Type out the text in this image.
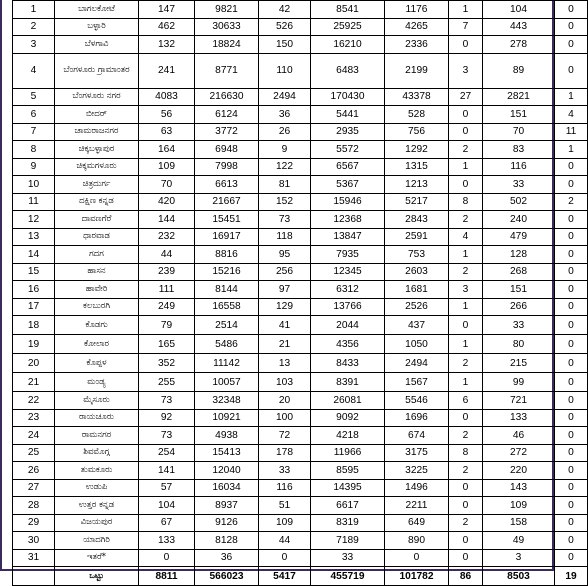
1	ಬಾಗಲಕೋಟೆ	147	9821	42	8541	1176	1	104	0
2	ಬಳ್ಳಾರಿ	462	30633	526	25925	4265	7	443	0
3	ಬೆಳಗಾವಿ	132	18824	150	16210	2336	0	278	0
4	ಬೆಂಗಳೂರು ಗ್ರಾಮಾಂತರ	241	8771	110	6483	2199	3	89	0
5	ಬೆಂಗಳೂರು ನಗರ	4083	216630	2494	170430	43378	27	2821	1
6	ಬೀದರ್	56	6124	36	5441	528	0	151	4
7	ಚಾಮರಾಜನಗರ	63	3772	26	2935	756	0	70	11
8	ಚಿಕ್ಕಬಳ್ಳಾಪುರ	164	6948	9	5572	1292	2	83	1
9	ಚಿಕ್ಕಮಗಳೂರು	109	7998	122	6567	1315	1	116	0
10	ಚಿತ್ರದುರ್ಗ	70	6613	81	5367	1213	0	33	0
11	ದಕ್ಷಿಣ ಕನ್ನಡ	420	21667	152	15946	5217	8	502	2
12	ದಾವಣಗೆರೆ	144	15451	73	12368	2843	2	240	0
13	ಧಾರವಾಡ	232	16917	118	13847	2591	4	479	0
14	ಗದಗ	44	8816	95	7935	753	1	128	0
15	ಹಾಸನ	239	15216	256	12345	2603	2	268	0
16	ಹಾವೇರಿ	111	8144	97	6312	1681	3	151	0
17	ಕಲಬುರಗಿ	249	16558	129	13766	2526	1	266	0
18	ಕೊಡಗು	79	2514	41	2044	437	0	33	0
19	ಕೋಲಾರ	165	5486	21	4356	1050	1	80	0
20	ಕೊಪ್ಪಳ	352	11142	13	8433	2494	2	215	0
21	ಮಂಡ್ಯ	255	10057	103	8391	1567	1	99	0
22	ಮೈಸೂರು	73	32348	20	26081	5546	6	721	0
23	ರಾಯಚೂರು	92	10921	100	9092	1696	0	133	0
24	ರಾಮನಗರ	73	4938	72	4218	674	2	46	0
25	ಶಿವಮೊಗ್ಗ	254	15413	178	11966	3175	8	272	0
26	ತುಮಕೂರು	141	12040	33	8595	3225	2	220	0
27	ಉಡುಪಿ	57	16034	116	14395	1496	0	143	0
28	ಉತ್ತರ ಕನ್ನಡ	104	8937	51	6617	2211	0	109	0
29	ವಿಜಯಪುರ	67	9126	109	8319	649	2	158	0
30	ಯಾದಗಿರಿ	133	8128	44	7189	890	0	49	0
31	ಇತರೆ*	0	36	0	33	0	0	3	0
	ಒಟ್ಟು	8811	566023	5417	455719	101782	86	8503	19
